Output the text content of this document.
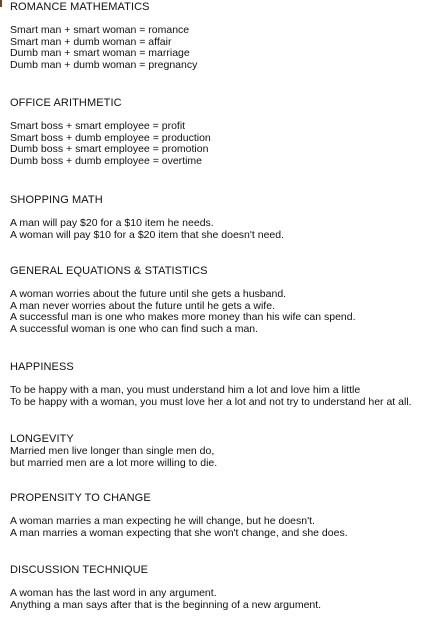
ROMANCE MATHEMATICS
Smart man + smart woman = romance
Smart man + dumb woman = affair
Dumb man + smart woman = marriage
Dumb man + dumb woman = pregnancy
OFFICE ARITHMETIC
Smart boss + smart employee = profit
Smart boss + dumb employee = production
Dumb boss + smart employee = promotion
Dumb boss + dumb employee = overtime
SHOPPING MATH
A man will pay $20 for a $10 item he needs.
A woman will pay $10 for a $20 item that she doesn't need.
GENERAL EQUATIONS & STATISTICS
A woman worries about the future until she gets a husband.
A man never worries about the future until he gets a wife.
A successful man is one who makes more money than his wife can spend.
A successful woman is one who can find such a man.
HAPPINESS
To be happy with a man, you must understand him a lot and love him a little
To be happy with a woman, you must love her a lot and not try to understand her at all.
LONGEVITY
Married men live longer than single men do,
but married men are a lot more willing to die.
PROPENSITY TO CHANGE
A woman marries a man expecting he will change, but he doesn't.
A man marries a woman expecting that she won't change, and she does.
DISCUSSION TECHNIQUE
A woman has the last word in any argument.
Anything a man says after that is the beginning of a new argument.
